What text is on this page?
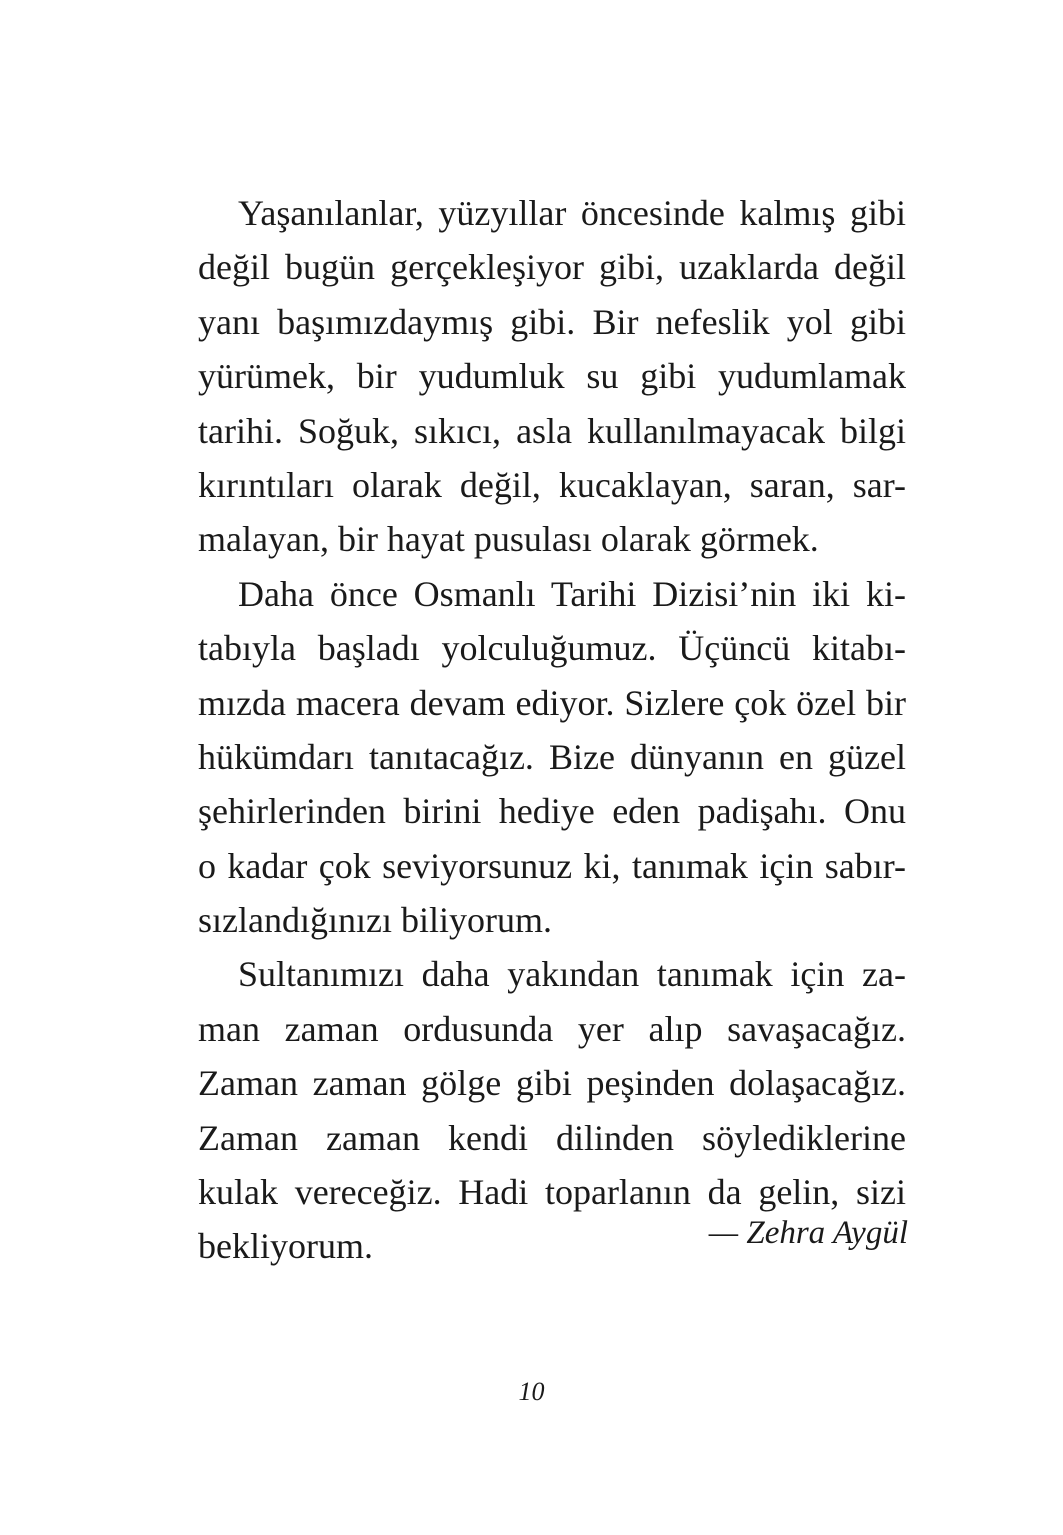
Yaşanılanlar, yüzyıllar öncesinde kalmış gibi
değil bugün gerçekleşiyor gibi, uzaklarda değil
yanı başımızdaymış gibi. Bir nefeslik yol gibi
yürümek, bir yudumluk su gibi yudumlamak
tarihi. Soğuk, sıkıcı, asla kullanılmayacak bilgi
kırıntıları olarak değil, kucaklayan, saran, sar-
malayan, bir hayat pusulası olarak görmek.
Daha önce Osmanlı Tarihi Dizisi’nin iki ki-
tabıyla başladı yolculuğumuz. Üçüncü kitabı-
mızda macera devam ediyor. Sizlere çok özel bir
hükümdarı tanıtacağız. Bize dünyanın en güzel
şehirlerinden birini hediye eden padişahı. Onu
o kadar çok seviyorsunuz ki, tanımak için sabır-
sızlandığınızı biliyorum.
Sultanımızı daha yakından tanımak için za-
man zaman ordusunda yer alıp savaşacağız.
Zaman zaman gölge gibi peşinden dolaşacağız.
Zaman zaman kendi dilinden söylediklerine
kulak vereceğiz. Hadi toparlanın da gelin, sizi
bekliyorum.	— Zehra Aygül
10
